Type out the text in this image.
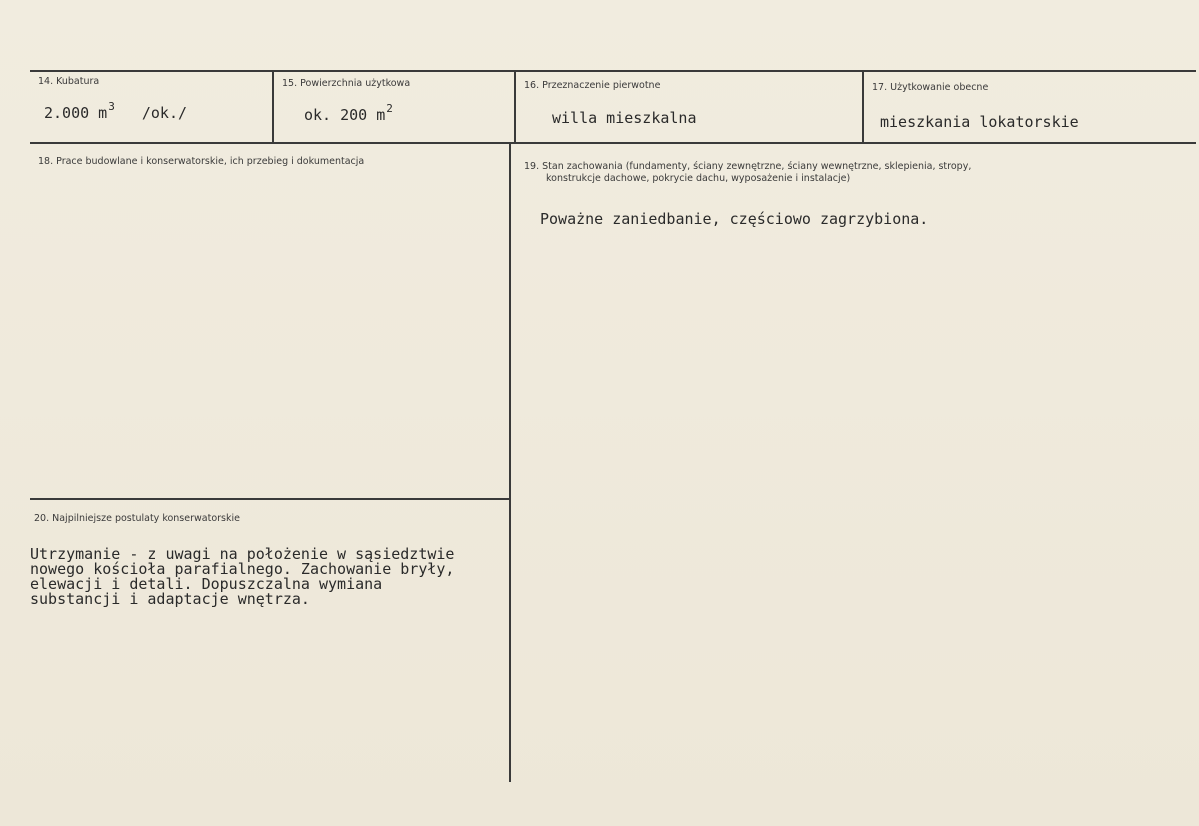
14. Kubatura
2.000 $m^3$ /ok./
15. Powierzchnia użytkowa
ok. 200 $m^2$
16. Przeznaczenie pierwotne
willa mieszkalna
17. Użytkowanie obecne
mieszkania lokatorskie
18. Prace budowlane i konserwatorskie, ich przebieg i dokumentacja	19. Stan zachowania (fundamenty, ściany zewnętrzne, ściany wewnętrzne, sklepienia, stropy,
konstrukcje dachowe, pokrycie dachu, wyposażenie i instalacje)
Poważne zaniedbanie, częściowo zagrzybiona.
20. Najpilniejsze postulaty konserwatorskie
Utrzymanie - z uwagi na położenie w sąsiedztwie
nowego kościoła parafialnego. Zachowanie bryły,
elewacji i detali. Dopuszczalna wymiana
substancji i adaptacje wnętrza.
